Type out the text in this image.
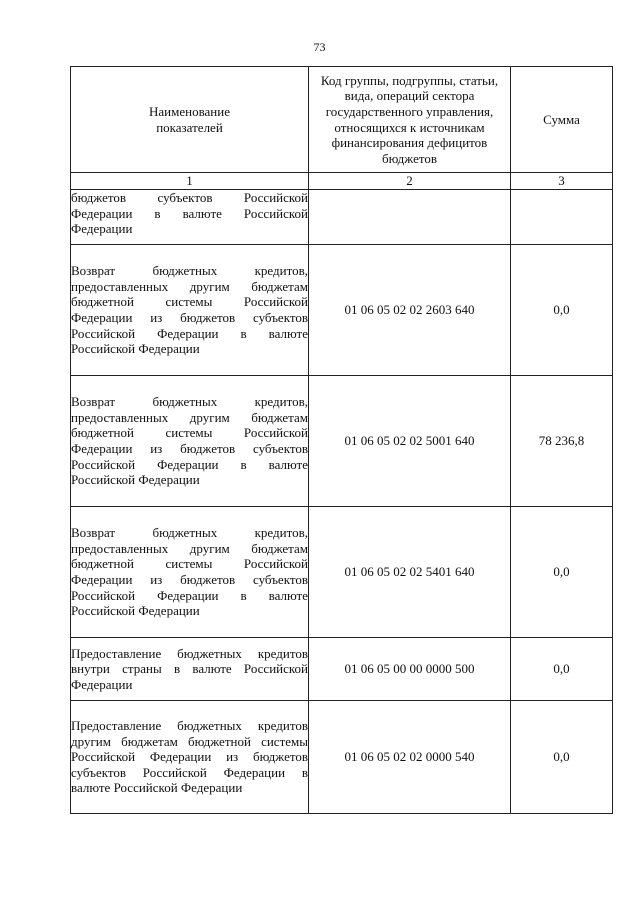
73
Наименование показателей	Код группы, подгруппы, статьи, вида, операций сектора государственного управления, относящихся к источникам финансирования дефицитов бюджетов	Сумма

1	2	3
бюджетов субъектов Российской Федерации в валюте Российской Федерации		
Возврат бюджетных кредитов, предоставленных другим бюджетам бюджетной системы Российской Федерации из бюджетов субъектов Российской Федерации в валюте Российской Федерации	01 06 05 02 02 2603 640	0,0
Возврат бюджетных кредитов, предоставленных другим бюджетам бюджетной системы Российской Федерации из бюджетов субъектов Российской Федерации в валюте Российской Федерации	01 06 05 02 02 5001 640	78 236,8
Возврат бюджетных кредитов, предоставленных другим бюджетам бюджетной системы Российской Федерации из бюджетов субъектов Российской Федерации в валюте Российской Федерации	01 06 05 02 02 5401 640	0,0
Предоставление бюджетных кредитов внутри страны в валюте Российской Федерации	01 06 05 00 00 0000 500	0,0
Предоставление бюджетных кредитов другим бюджетам бюджетной системы Российской Федерации из бюджетов субъектов Российской Федерации в валюте Российской Федерации	01 06 05 02 02 0000 540	0,0
